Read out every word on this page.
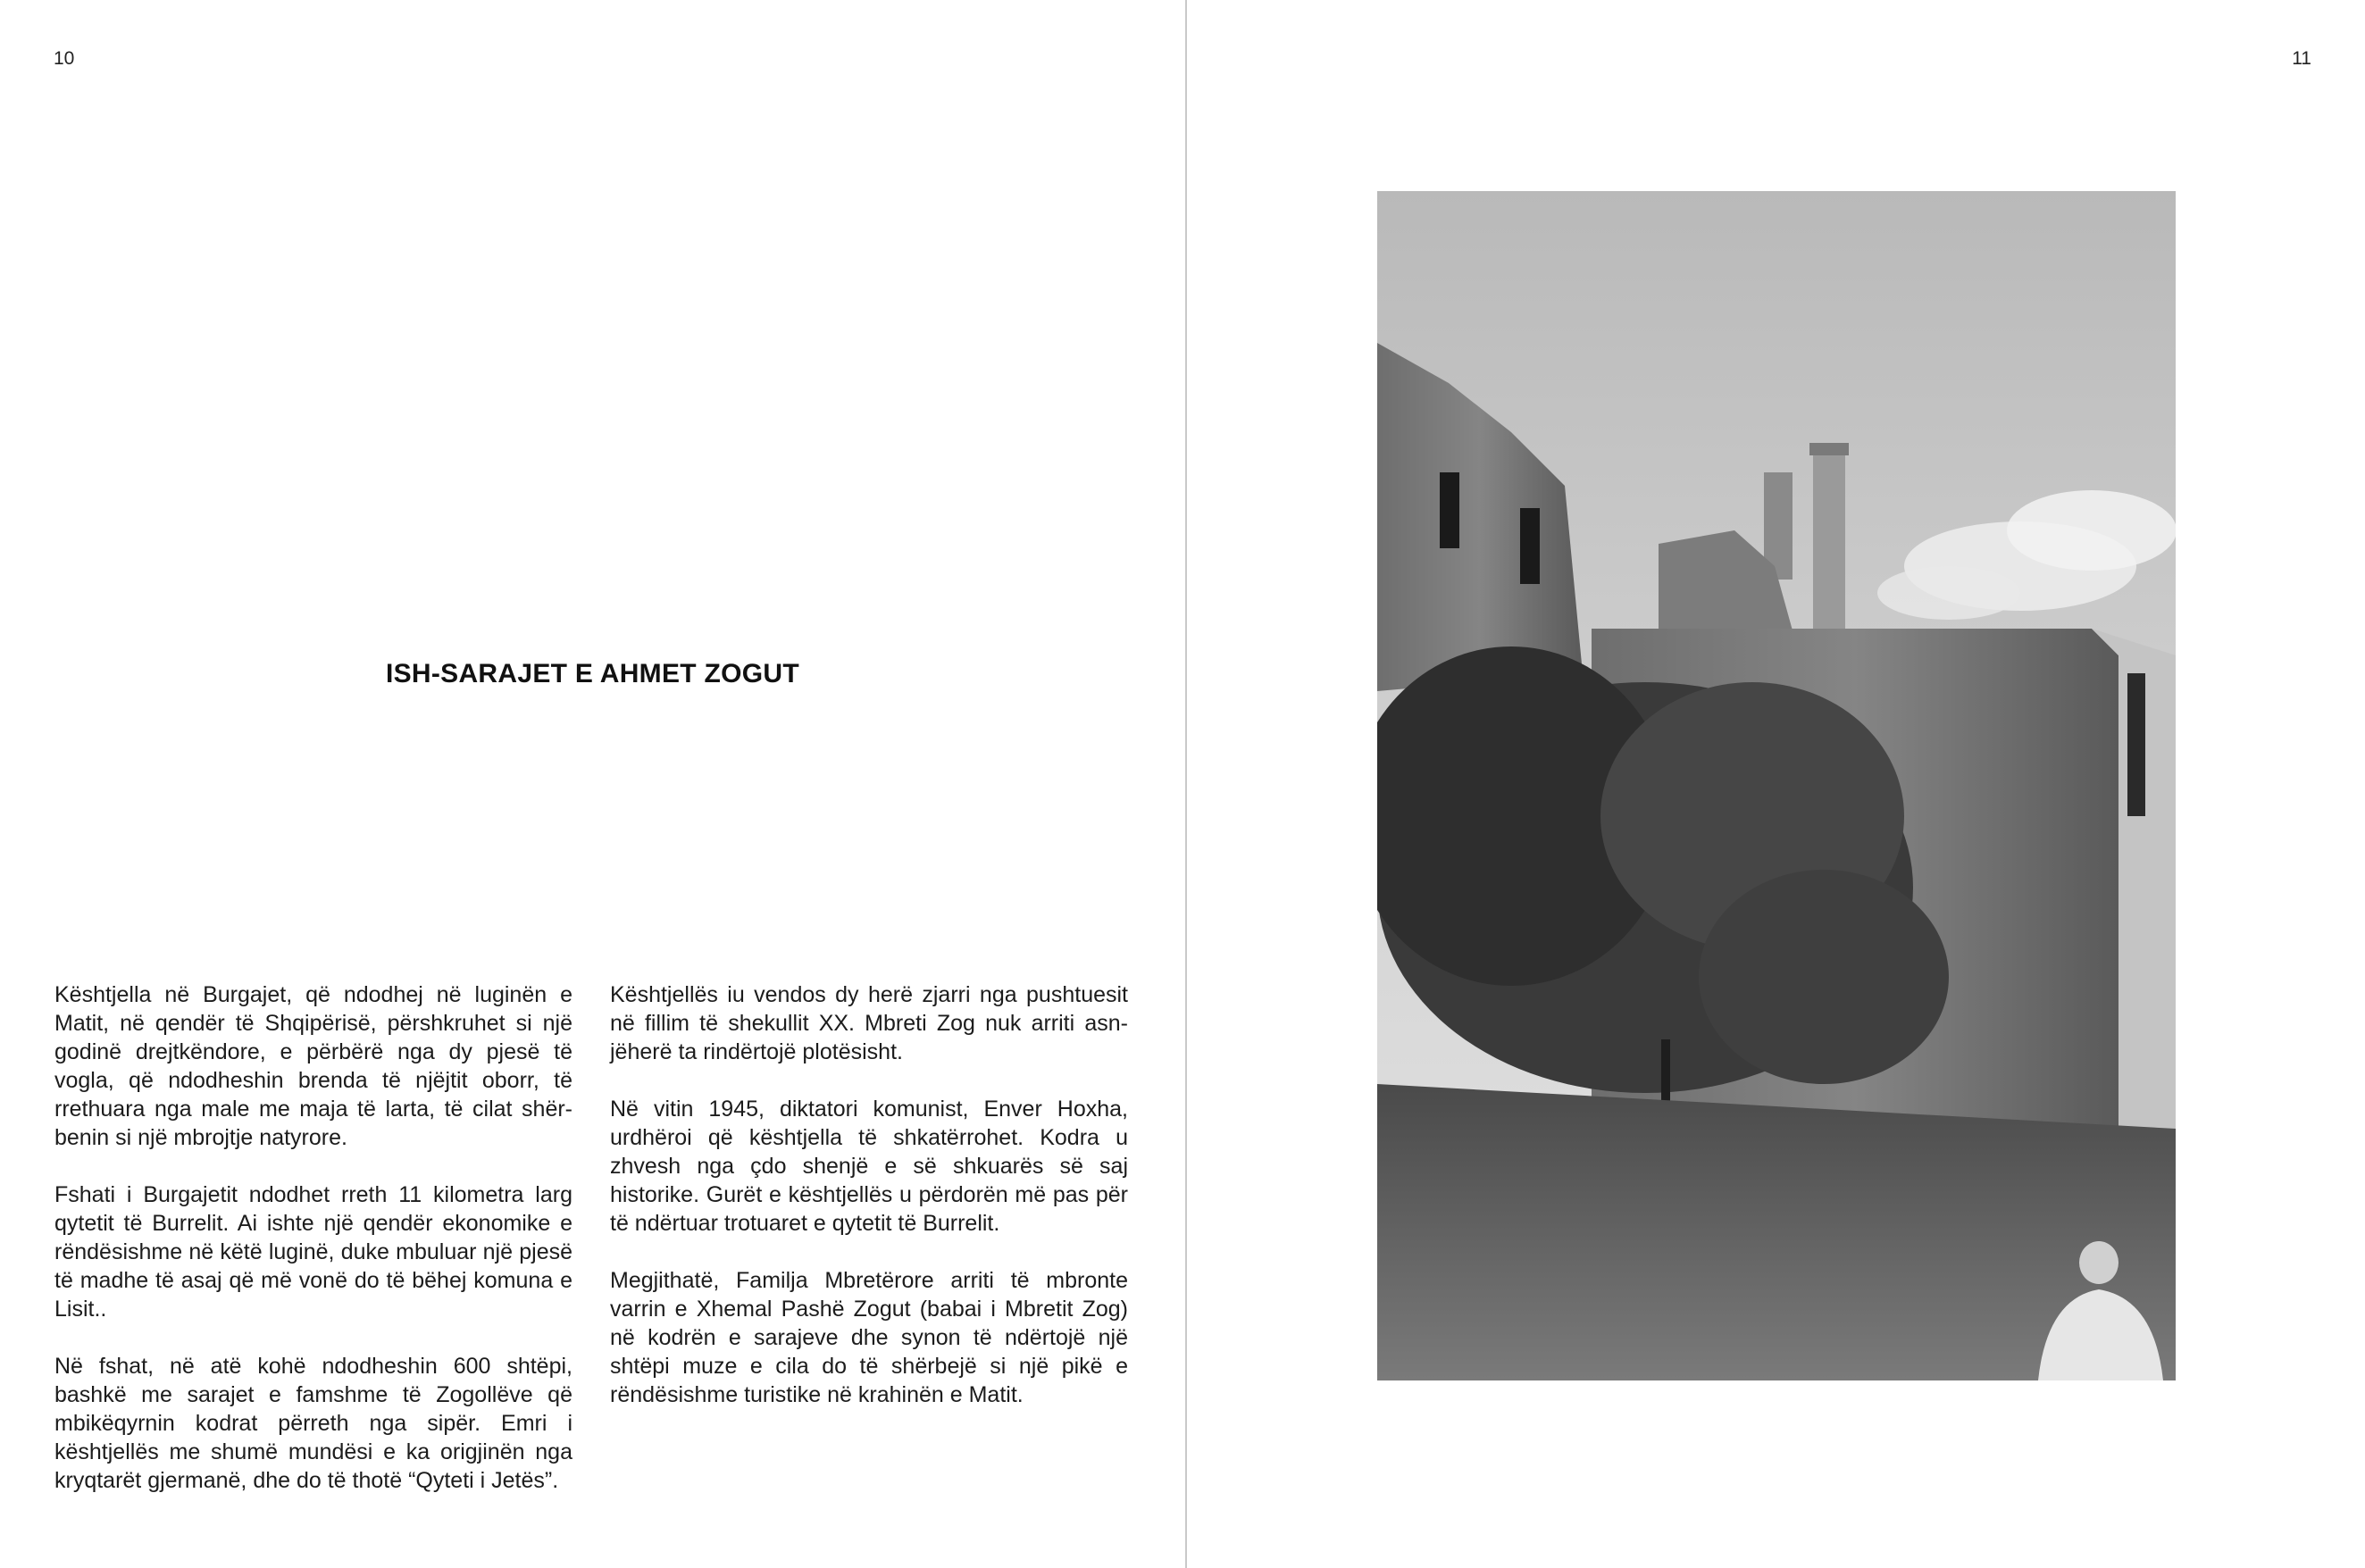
10
ISH-SARAJET E AHMET ZOGUT

Kështjella në Burgajet, që ndodhej në luginën e Matit, në qendër të Shqipërisë, përshkruhet si një godinë drejtkëndore, e përbërë nga dy pjesë të vogla, që ndodheshin brenda të njëjtit oborr, të rrethuara nga male me maja të larta, të cilat shër-benin si një mbrojtje natyrore.

Fshati i Burgajetit ndodhet rreth 11 kilometra larg qytetit të Burrelit. Ai ishte një qendër ekonomike e rëndësishme në këtë luginë, duke mbuluar një pjesë të madhe të asaj që më vonë do të bëhej komuna e Lisit..

Në fshat, në atë kohë ndodheshin 600 shtëpi, bashkë me sarajet e famshme të Zogollëve që mbikëqyrnin kodrat përreth nga sipër. Emri i kështjellës me shumë mundësi e ka origjinën nga kryqtarët gjermanë, dhe do të thotë “Qyteti i Jetës”.

Kështjellës iu vendos dy herë zjarri nga pushtuesit në fillim të shekullit XX. Mbreti Zog nuk arriti asn-jëherë ta rindërtojë plotësisht.

Në vitin 1945, diktatori komunist, Enver Hoxha, urdhëroi që kështjella të shkatërrohet. Kodra u zhvesh nga çdo shenjë e së shkuarës së saj historike. Gurët e kështjellës u përdorën më pas për të ndërtuar trotuaret e qytetit të Burrelit.

Megjithatë, Familja Mbretërore arriti të mbronte varrin e Xhemal Pashë Zogut (babai i Mbretit Zog) në kodrën e sarajeve dhe synon të ndërtojë një shtëpi muze e cila do të shërbejë si një pikë e rëndësishme turistike në krahinën e Matit.

11
